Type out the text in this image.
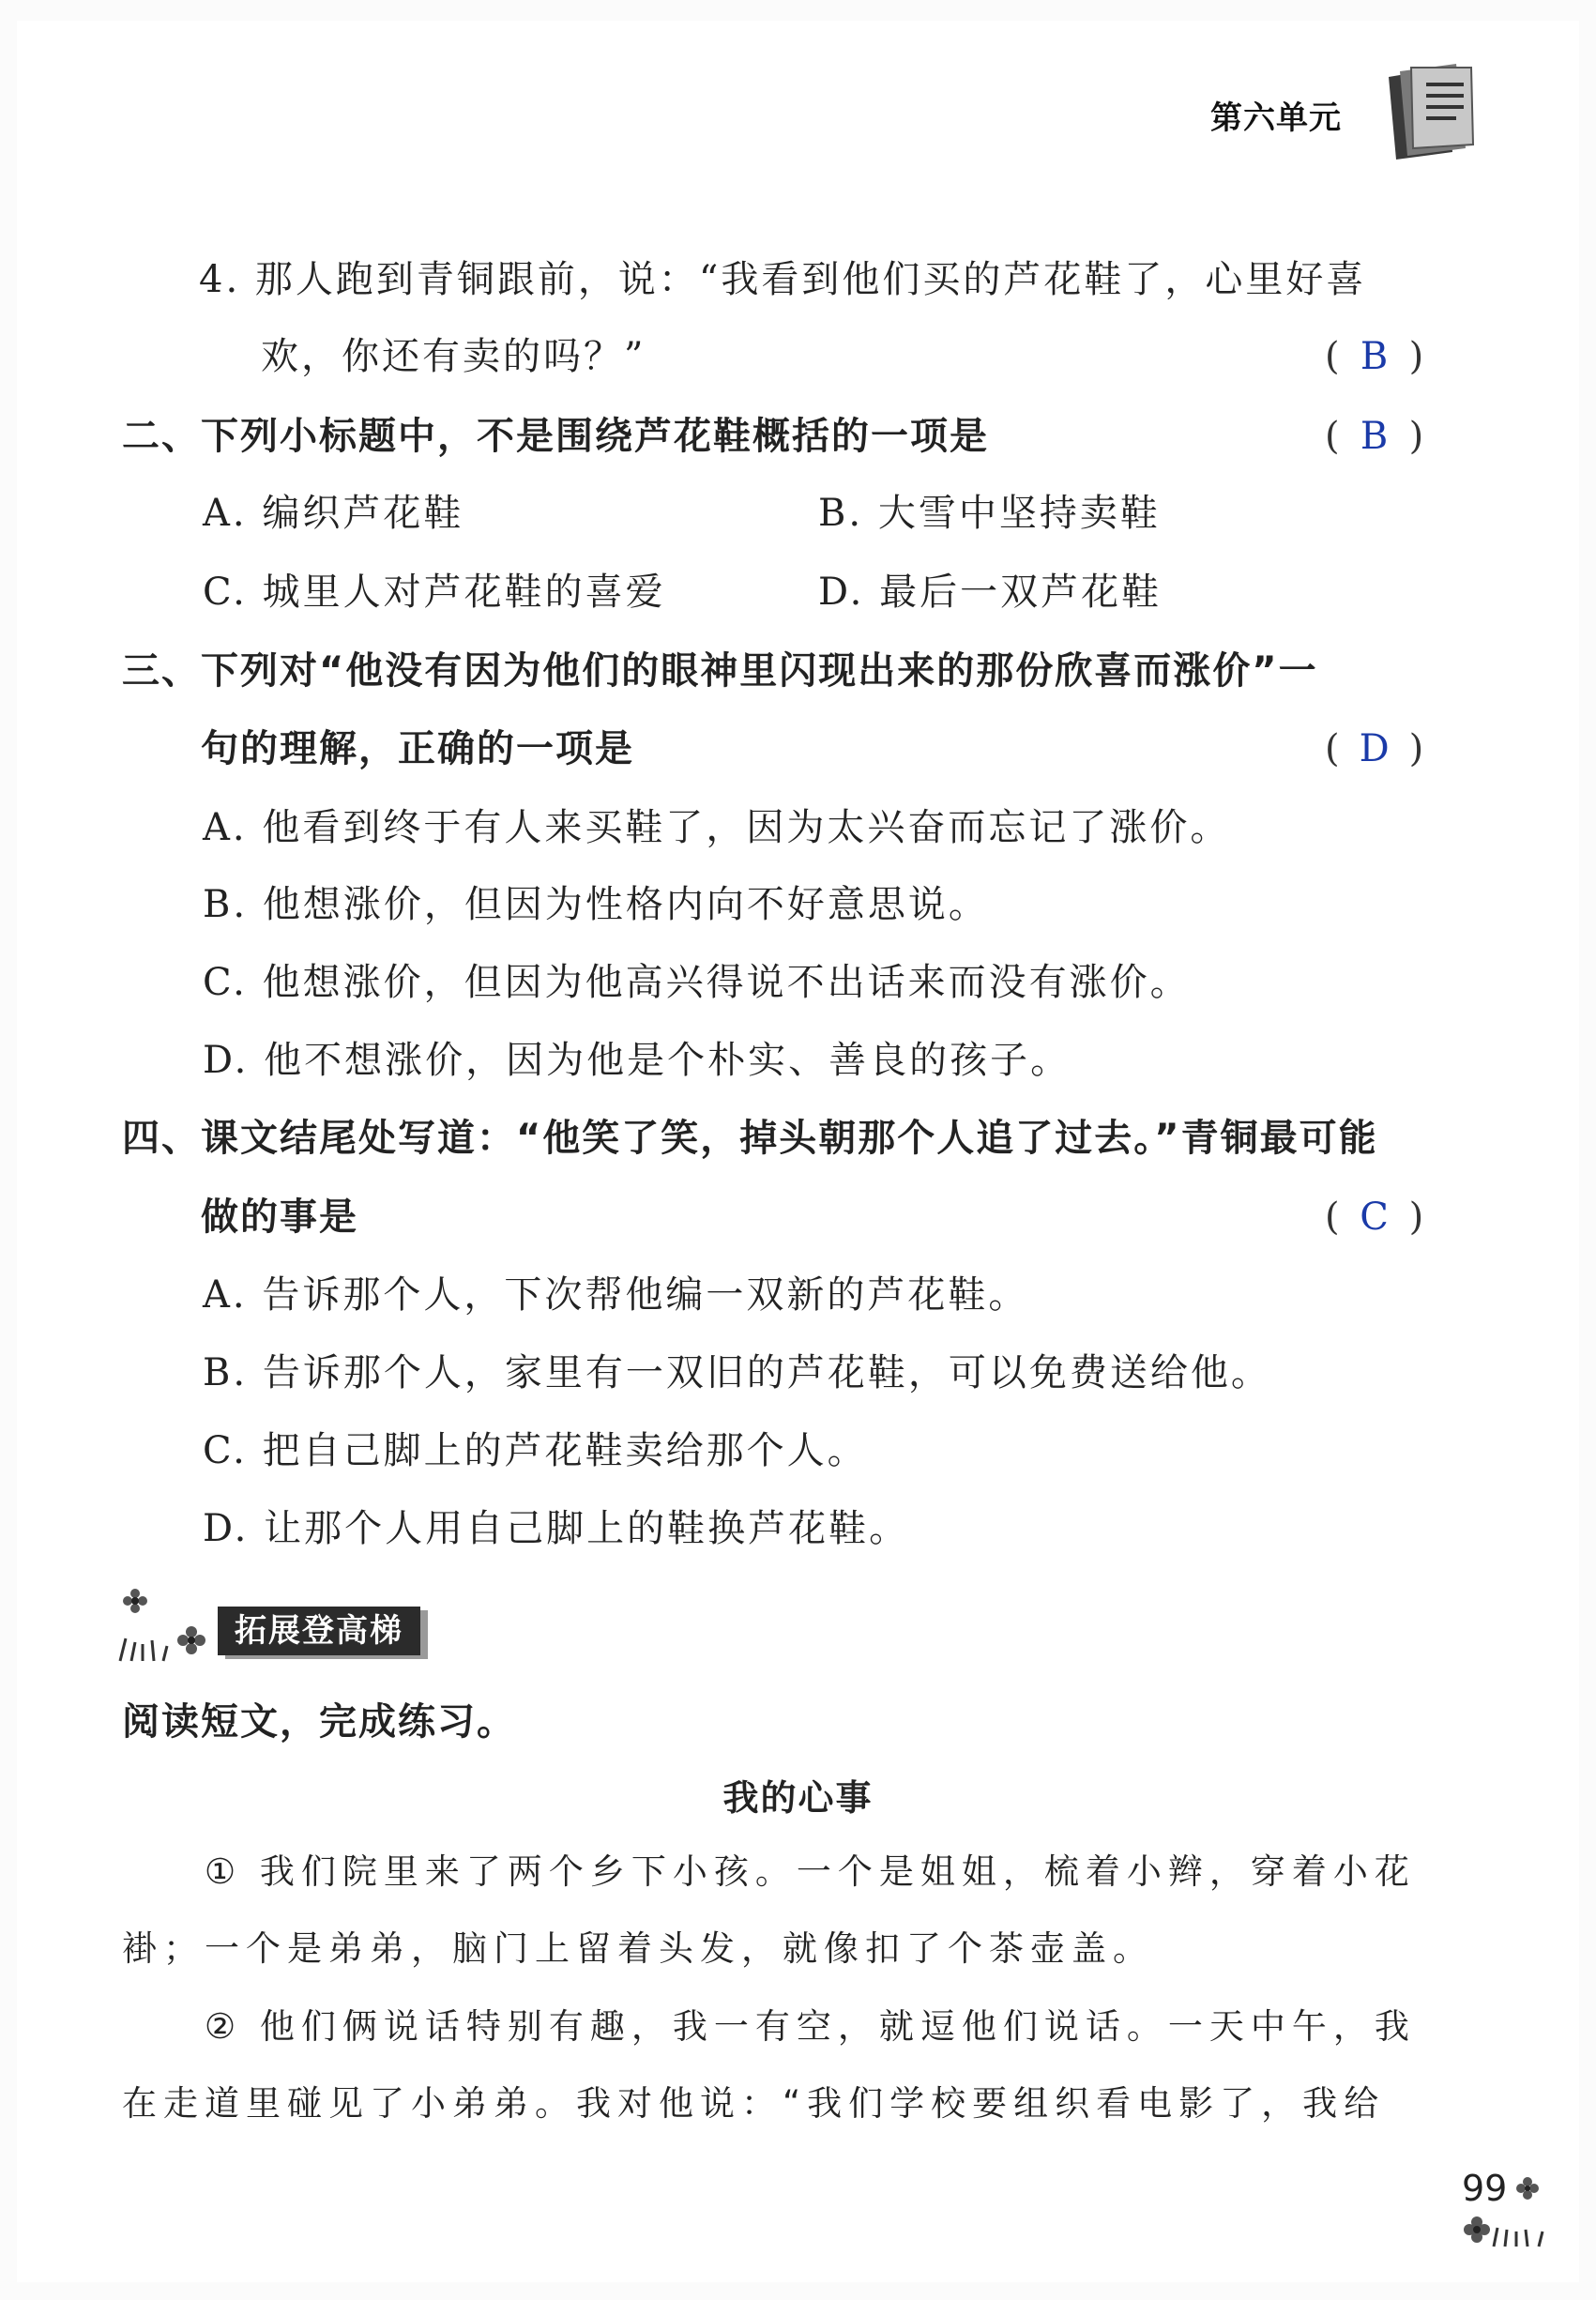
第六单元
4. 那人跑到青铜跟前，说：“我看到他们买的芦花鞋了，心里好喜
欢，你还有卖的吗？”	( B )
二、下列小标题中，不是围绕芦花鞋概括的一项是	( B )
A. 编织芦花鞋	B. 大雪中坚持卖鞋
C. 城里人对芦花鞋的喜爱	D. 最后一双芦花鞋
三、下列对“他没有因为他们的眼神里闪现出来的那份欣喜而涨价”一
句的理解，正确的一项是	( D )
A. 他看到终于有人来买鞋了，因为太兴奋而忘记了涨价。
B. 他想涨价，但因为性格内向不好意思说。
C. 他想涨价，但因为他高兴得说不出话来而没有涨价。
D. 他不想涨价，因为他是个朴实、善良的孩子。
四、课文结尾处写道：“他笑了笑，掉头朝那个人追了过去。”青铜最可能
做的事是	( C )
A. 告诉那个人，下次帮他编一双新的芦花鞋。
B. 告诉那个人，家里有一双旧的芦花鞋，可以免费送给他。
C. 把自己脚上的芦花鞋卖给那个人。
D. 让那个人用自己脚上的鞋换芦花鞋。
拓展登高梯
阅读短文，完成练习。
我的心事
① 我们院里来了两个乡下小孩。一个是姐姐，梳着小辫，穿着小花
褂；一个是弟弟，脑门上留着头发，就像扣了个茶壶盖。
② 他们俩说话特别有趣，我一有空，就逗他们说话。一天中午，我
在走道里碰见了小弟弟。我对他说：“我们学校要组织看电影了，我给
99
